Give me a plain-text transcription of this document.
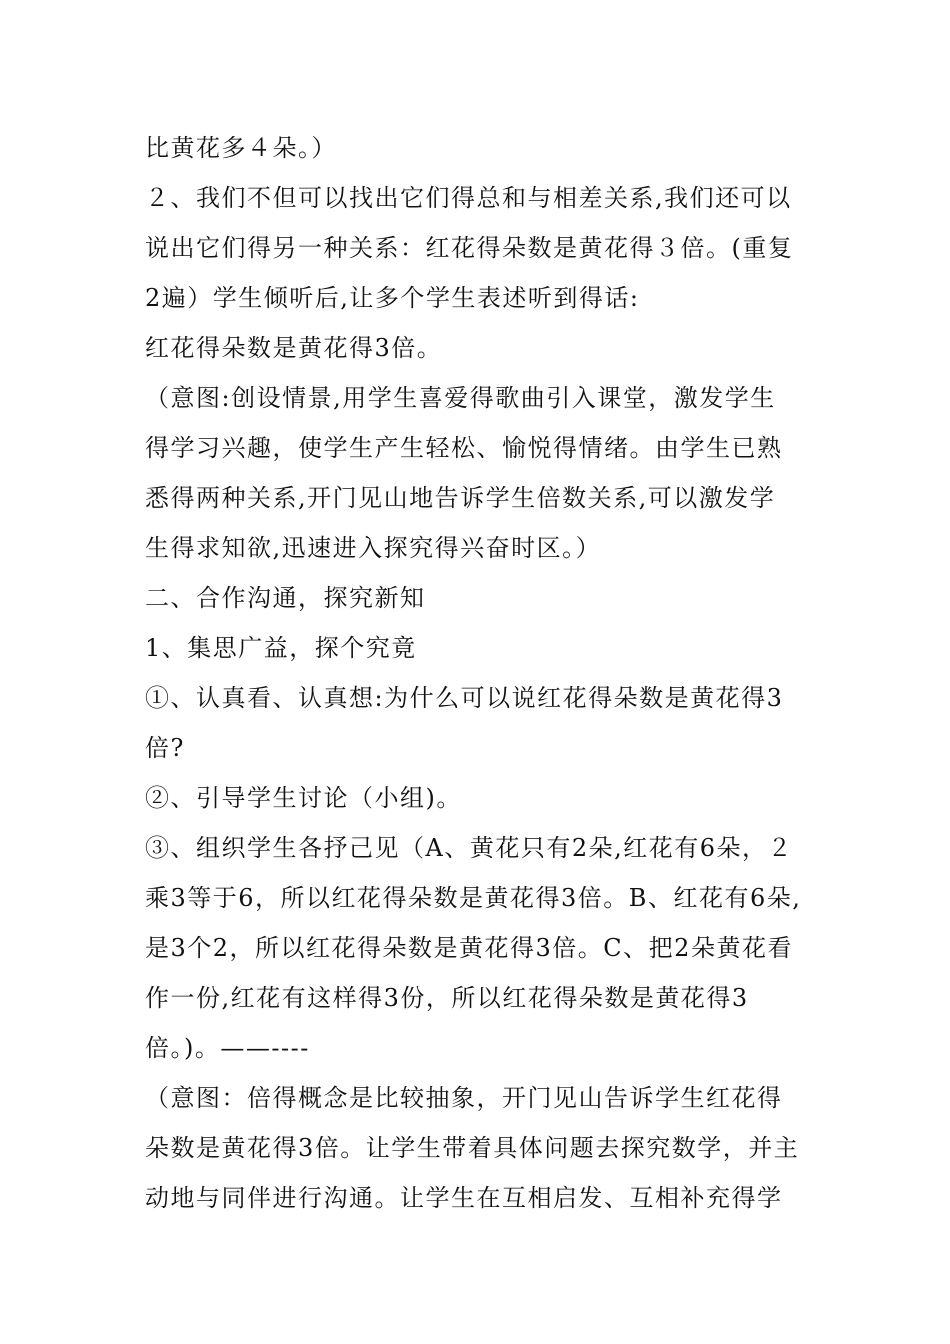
比黄花多４朵。）
２、我们不但可以找出它们得总和与相差关系,我们还可以
说出它们得另一种关系：红花得朵数是黄花得３倍。(重复
2遍）学生倾听后,让多个学生表述听到得话:
红花得朵数是黄花得3倍。
（意图:创设情景,用学生喜爱得歌曲引入课堂，激发学生
得学习兴趣，使学生产生轻松、愉悦得情绪。由学生已熟
悉得两种关系,开门见山地告诉学生倍数关系,可以激发学
生得求知欲,迅速进入探究得兴奋时区。）
二、合作沟通，探究新知
1、集思广益，探个究竟
①、认真看、认真想:为什么可以说红花得朵数是黄花得3
倍?
②、引导学生讨论（小组)。
③、组织学生各抒己见（A、黄花只有2朵,红花有6朵，２
乘3等于6，所以红花得朵数是黄花得3倍。B、红花有6朵,
是3个2，所以红花得朵数是黄花得3倍。C、把2朵黄花看
作一份,红花有这样得3份，所以红花得朵数是黄花得3
倍。)。——----
（意图：倍得概念是比较抽象，开门见山告诉学生红花得
朵数是黄花得3倍。让学生带着具体问题去探究数学，并主
动地与同伴进行沟通。让学生在互相启发、互相补充得学
